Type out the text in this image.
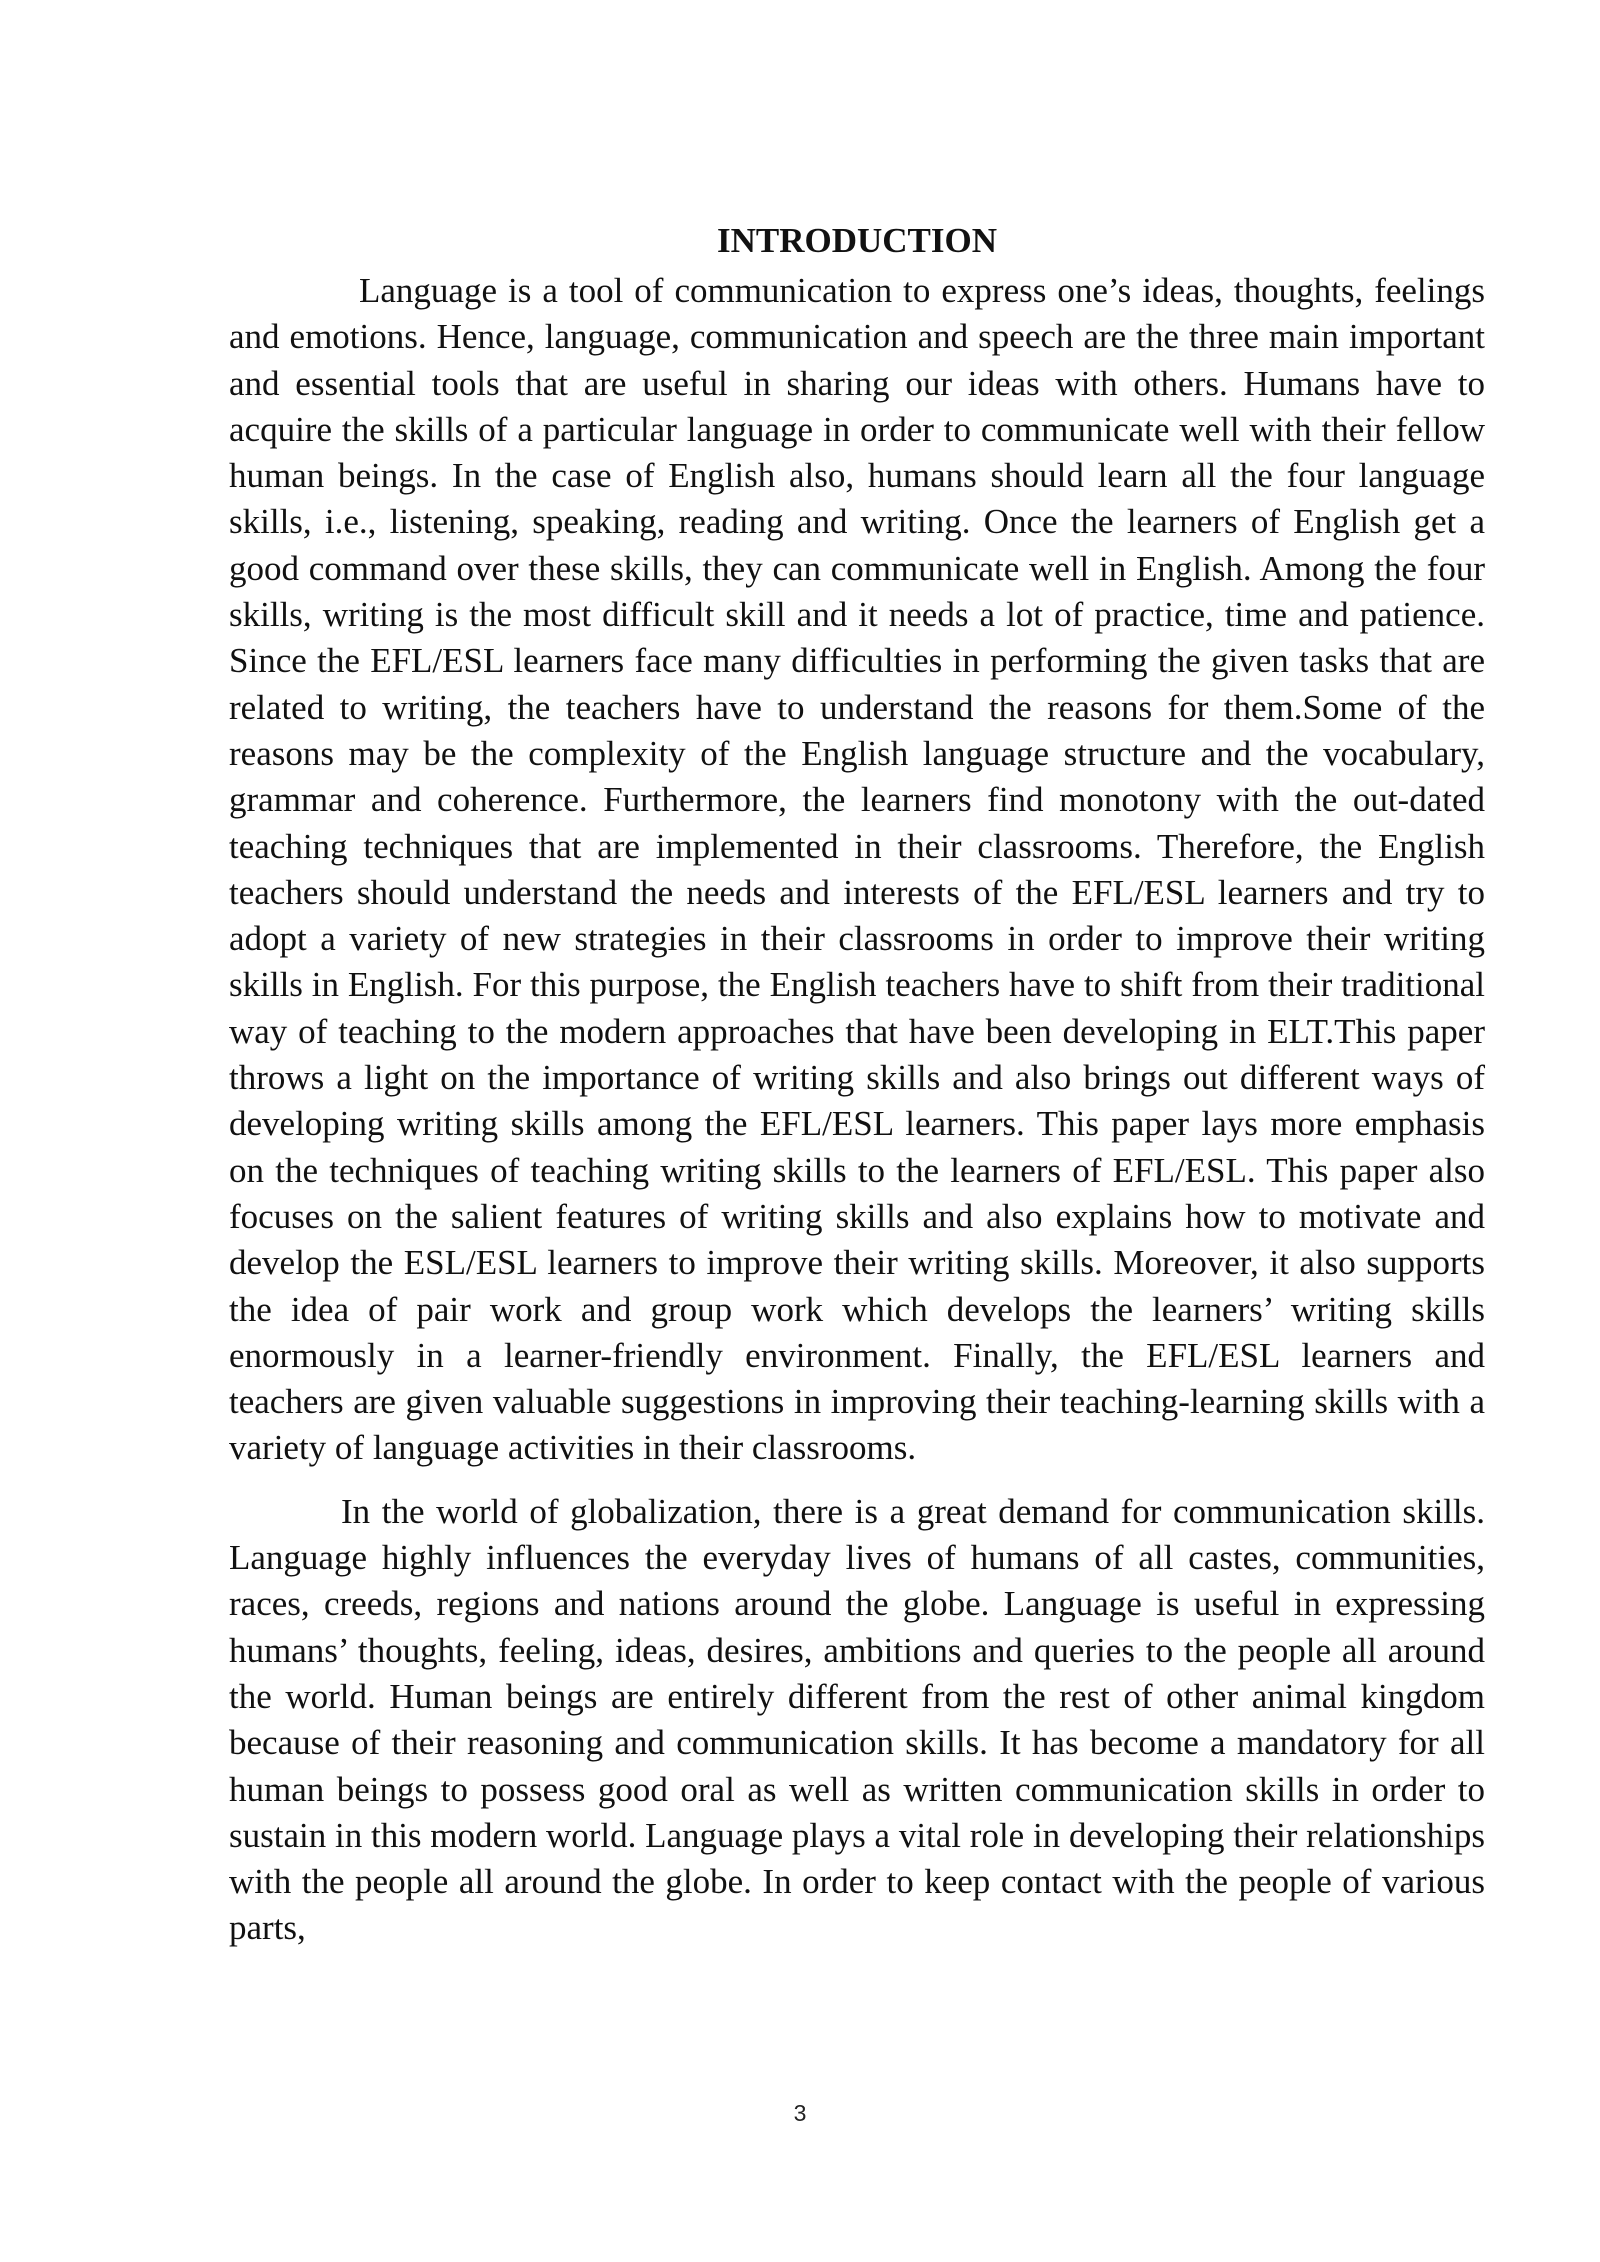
INTRODUCTION

Language is a tool of communication to express one’s ideas, thoughts, feelings and emotions. Hence, language, communication and speech are the three main important and essential tools that are useful in sharing our ideas with others. Humans have to acquire the skills of a particular language in order to communicate well with their fellow human beings. In the case of English also, humans should learn all the four language skills, i.e., listening, speaking, reading and writing. Once the learners of English get a good command over these skills, they can communicate well in English. Among the four skills, writing is the most difficult skill and it needs a lot of practice, time and patience. Since the EFL/ESL learners face many difficulties in performing the given tasks that are related to writing, the teachers have to understand the reasons for them.Some of the reasons may be the complexity of the English language structure and the vocabulary, grammar and coherence. Furthermore, the learners find monotony with the out-dated teaching techniques that are implemented in their classrooms. Therefore, the English teachers should understand the needs and interests of the EFL/ESL learners and try to adopt a variety of new strategies in their classrooms in order to improve their writing skills in English. For this purpose, the English teachers have to shift from their traditional way of teaching to the modern approaches that have been developing in ELT.This paper throws a light on the importance of writing skills and also brings out different ways of developing writing skills among the EFL/ESL learners. This paper lays more emphasis on the techniques of teaching writing skills to the learners of EFL/ESL. This paper also focuses on the salient features of writing skills and also explains how to motivate and develop the ESL/ESL learners to improve their writing skills. Moreover, it also supports the idea of pair work and group work which develops the learners’ writing skills enormously in a learner-friendly environment. Finally, the EFL/ESL learners and teachers are given valuable suggestions in improving their teaching-learning skills with a variety of language activities in their classrooms.

In the world of globalization, there is a great demand for communication skills. Language highly influences the everyday lives of humans of all castes, communities, races, creeds, regions and nations around the globe. Language is useful in expressing humans’ thoughts, feeling, ideas, desires, ambitions and queries to the people all around the world. Human beings are entirely different from the rest of other animal kingdom because of their reasoning and communication skills. It has become a mandatory for all human beings to possess good oral as well as written communication skills in order to sustain in this modern world. Language plays a vital role in developing their relationships with the people all around the globe. In order to keep contact with the people of various parts,

3
